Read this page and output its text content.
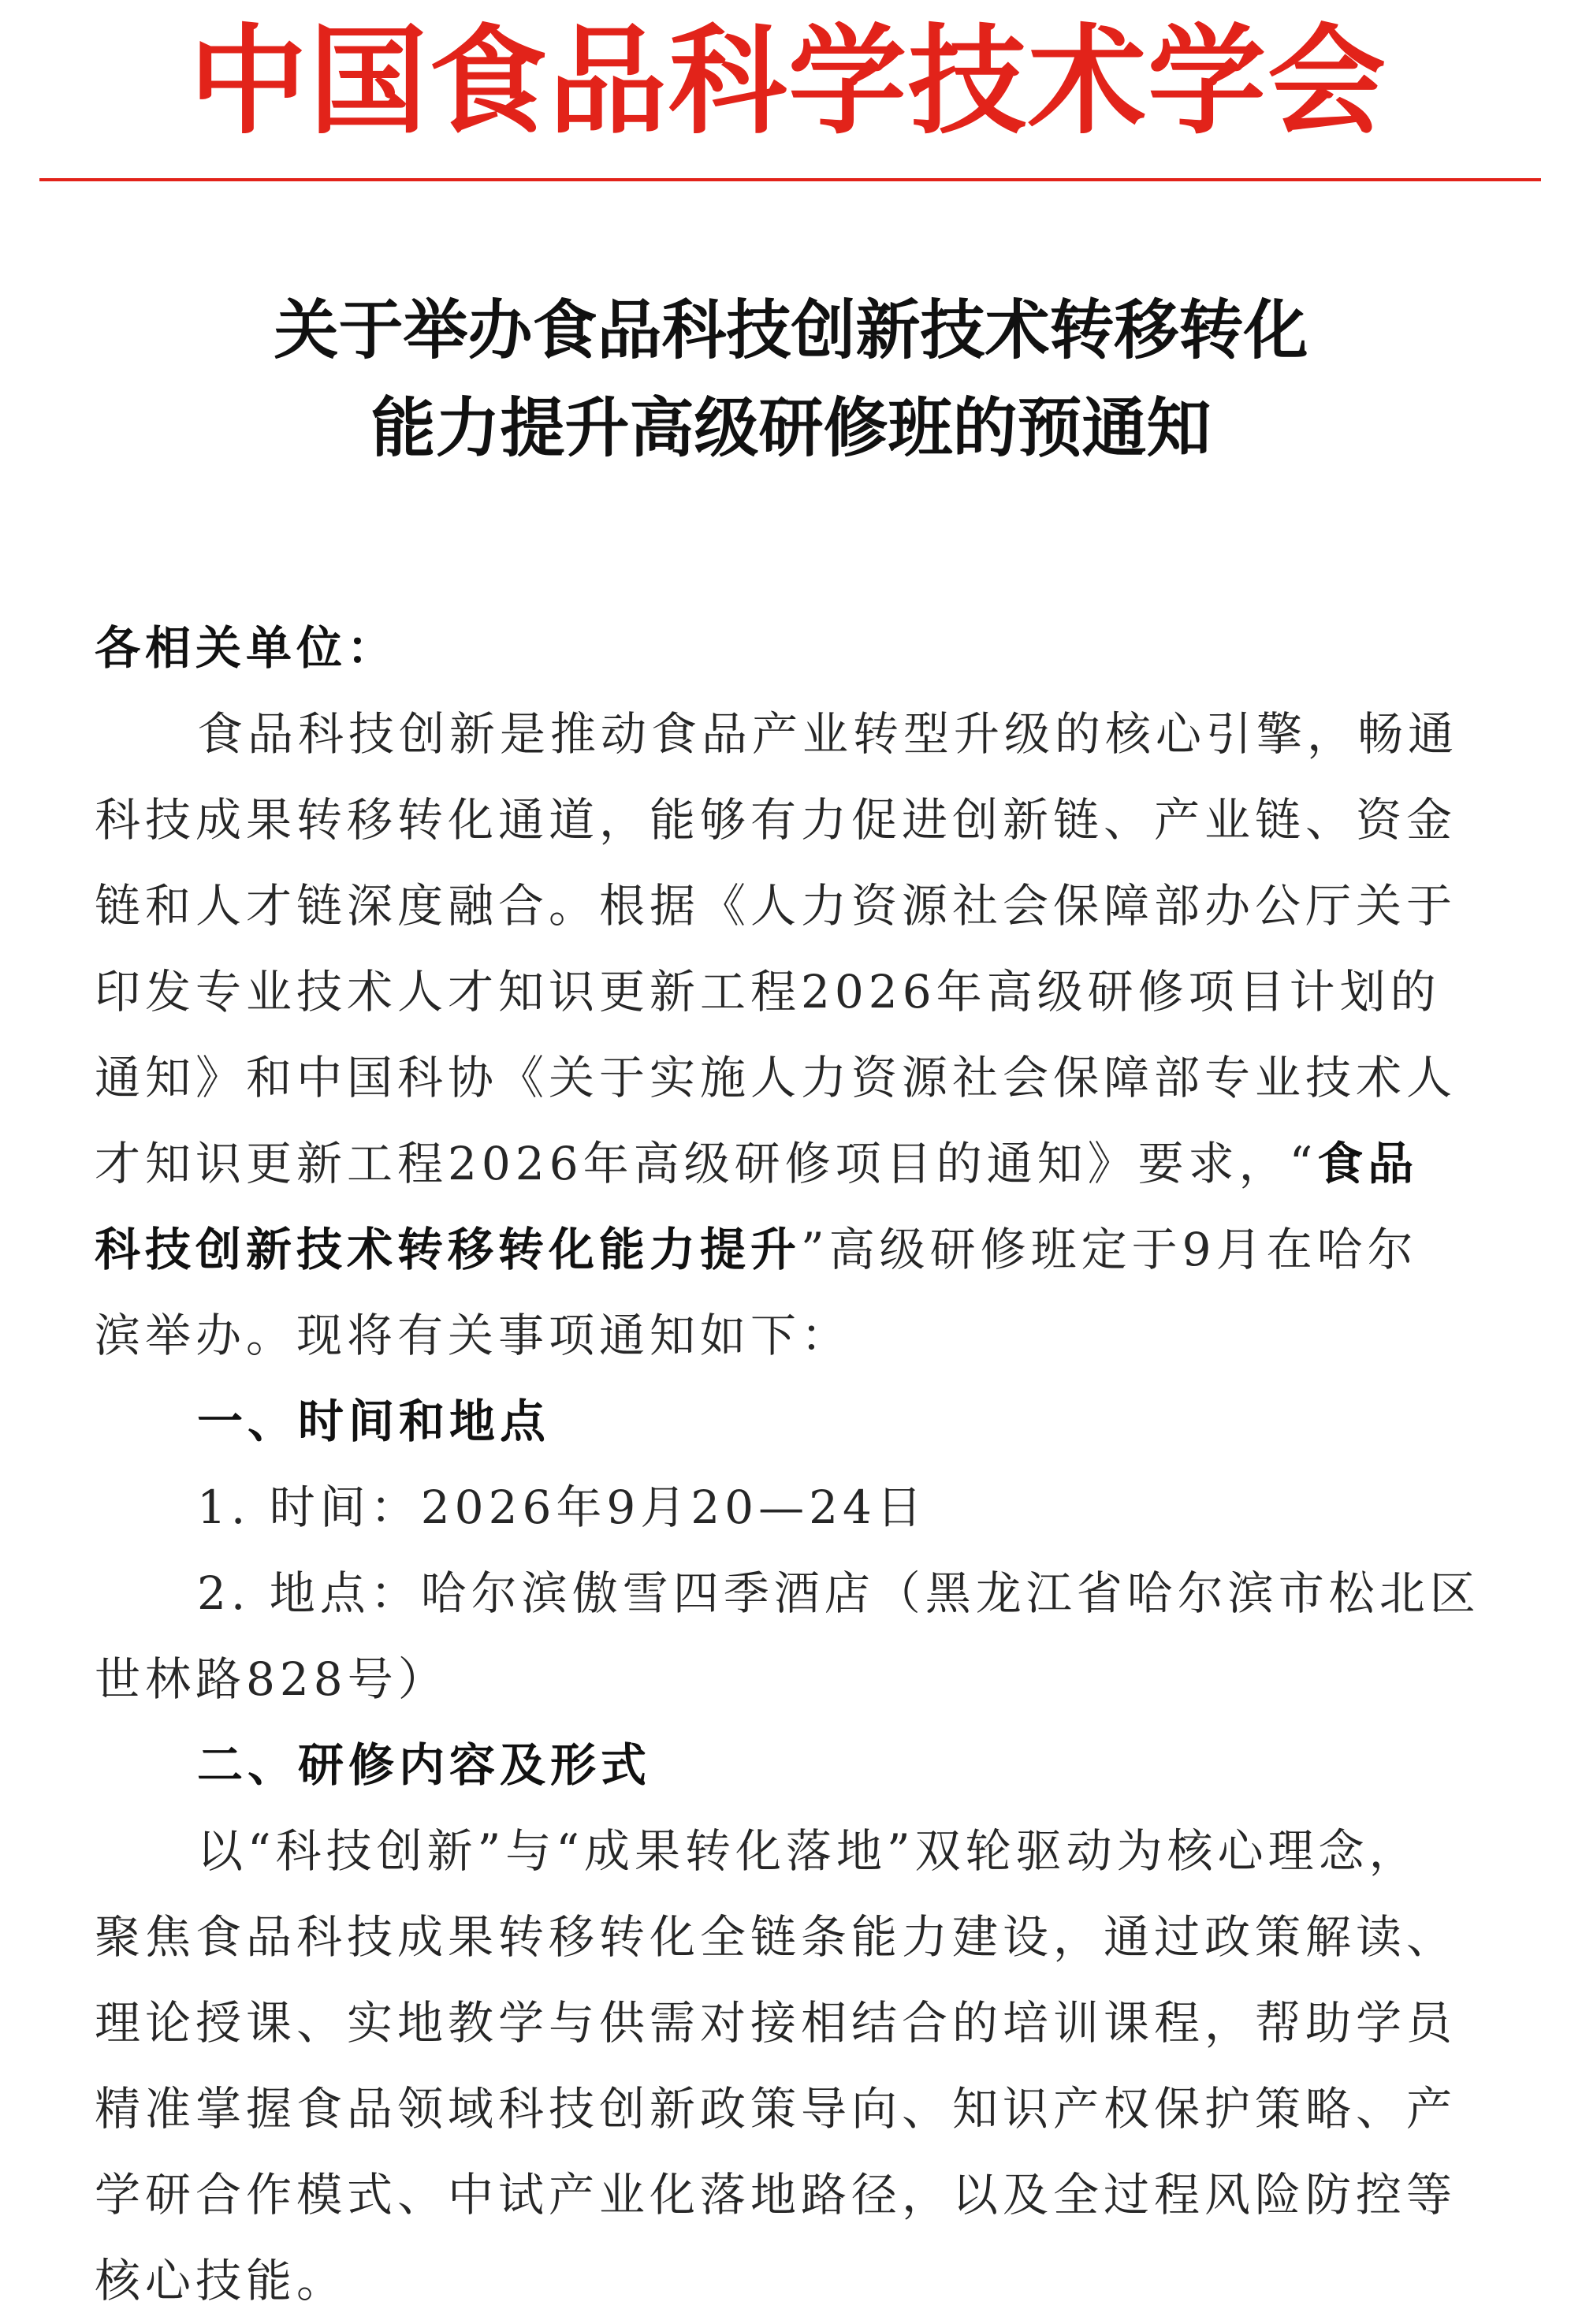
中国食品科学技术学会
关于举办食品科技创新技术转移转化
能力提升高级研修班的预通知

各相关单位：

食品科技创新是推动食品产业转型升级的核心引擎，畅通

科技成果转移转化通道，能够有力促进创新链、产业链、资金

链和人才链深度融合。根据《人力资源社会保障部办公厅关于

印发专业技术人才知识更新工程2026年高级研修项目计划的

通知》和中国科协《关于实施人力资源社会保障部专业技术人

才知识更新工程2026年高级研修项目的通知》要求，“食品

科技创新技术转移转化能力提升”高级研修班定于9月在哈尔

滨举办。现将有关事项通知如下：

一、时间和地点

1. 时间：2026年9月20—24日

2. 地点：哈尔滨傲雪四季酒店（黑龙江省哈尔滨市松北区

世林路828号）

二、研修内容及形式

以“科技创新”与“成果转化落地”双轮驱动为核心理念，

聚焦食品科技成果转移转化全链条能力建设，通过政策解读、

理论授课、实地教学与供需对接相结合的培训课程，帮助学员

精准掌握食品领域科技创新政策导向、知识产权保护策略、产

学研合作模式、中试产业化落地路径，以及全过程风险防控等

核心技能。
